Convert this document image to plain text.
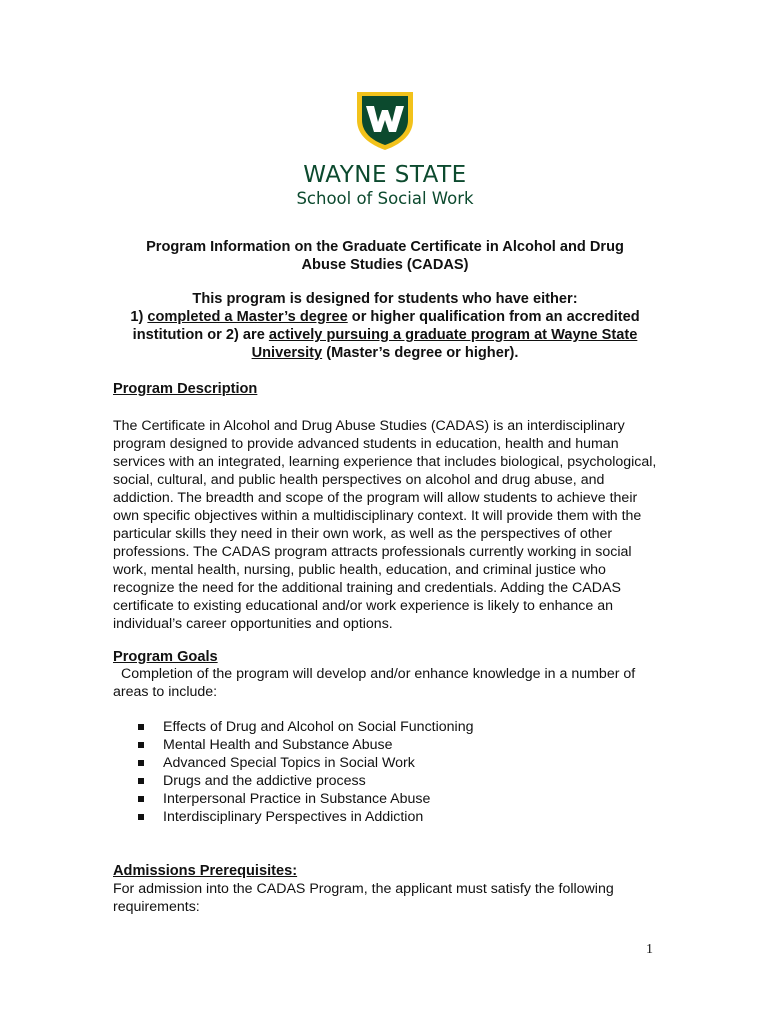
WAYNE STATE
School of Social Work
Program Information on the Graduate Certificate in Alcohol and Drug
Abuse Studies (CADAS)
This program is designed for students who have either:
1) completed a Master’s degree or higher qualification from an accredited institution or 2) are actively pursuing a graduate program at Wayne State University (Master’s degree or higher).
Program Description
The Certificate in Alcohol and Drug Abuse Studies (CADAS) is an interdisciplinary program designed to provide advanced students in education, health and human services with an integrated, learning experience that includes biological, psychological, social, cultural, and public health perspectives on alcohol and drug abuse, and addiction. The breadth and scope of the program will allow students to achieve their own specific objectives within a multidisciplinary context. It will provide them with the particular skills they need in their own work, as well as the perspectives of other professions. The CADAS program attracts professionals currently working in social work, mental health, nursing, public health, education, and criminal justice who recognize the need for the additional training and credentials. Adding the CADAS certificate to existing educational and/or work experience is likely to enhance an individual’s career opportunities and options.
Program Goals
Completion of the program will develop and/or enhance knowledge in a number of areas to include:
Effects of Drug and Alcohol on Social Functioning
Mental Health and Substance Abuse
Advanced Special Topics in Social Work
Drugs and the addictive process
Interpersonal Practice in Substance Abuse
Interdisciplinary Perspectives in Addiction
Admissions Prerequisites:
For admission into the CADAS Program, the applicant must satisfy the following requirements:
1
